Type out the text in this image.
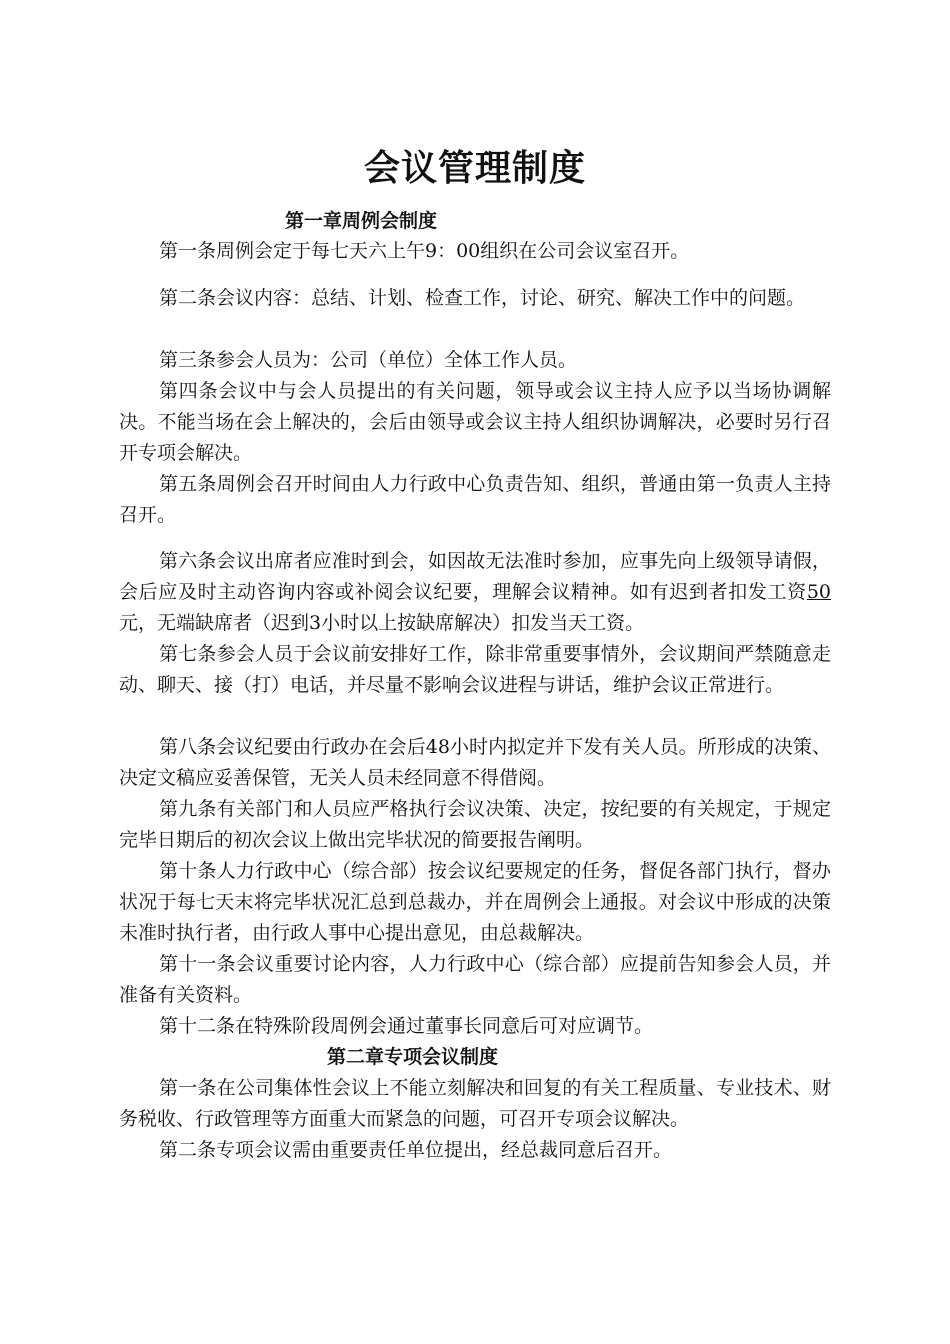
会议管理制度
第一章周例会制度

第一条周例会定于每七天六上午9：00组织在公司会议室召开。

第二条会议内容：总结、计划、检查工作，讨论、研究、解决工作中的问题。

第三条参会人员为：公司（单位）全体工作人员。

第四条会议中与会人员提出的有关问题，领导或会议主持人应予以当场协调解决。不能当场在会上解决的，会后由领导或会议主持人组织协调解决，必要时另行召开专项会解决。

第五条周例会召开时间由人力行政中心负责告知、组织，普通由第一负责人主持召开。

第六条会议出席者应准时到会，如因故无法准时参加，应事先向上级领导请假，会后应及时主动咨询内容或补阅会议纪要，理解会议精神。如有迟到者扣发工资50元，无端缺席者（迟到3小时以上按缺席解决）扣发当天工资。

第七条参会人员于会议前安排好工作，除非常重要事情外，会议期间严禁随意走动、聊天、接（打）电话，并尽量不影响会议进程与讲话，维护会议正常进行。

第八条会议纪要由行政办在会后48小时内拟定并下发有关人员。所形成的决策、决定文稿应妥善保管，无关人员未经同意不得借阅。

第九条有关部门和人员应严格执行会议决策、决定，按纪要的有关规定，于规定完毕日期后的初次会议上做出完毕状况的简要报告阐明。

第十条人力行政中心（综合部）按会议纪要规定的任务，督促各部门执行，督办状况于每七天末将完毕状况汇总到总裁办，并在周例会上通报。对会议中形成的决策未准时执行者，由行政人事中心提出意见，由总裁解决。

第十一条会议重要讨论内容，人力行政中心（综合部）应提前告知参会人员，并准备有关资料。

第十二条在特殊阶段周例会通过董事长同意后可对应调节。

第二章专项会议制度

第一条在公司集体性会议上不能立刻解决和回复的有关工程质量、专业技术、财务税收、行政管理等方面重大而紧急的问题，可召开专项会议解决。

第二条专项会议需由重要责任单位提出，经总裁同意后召开。
